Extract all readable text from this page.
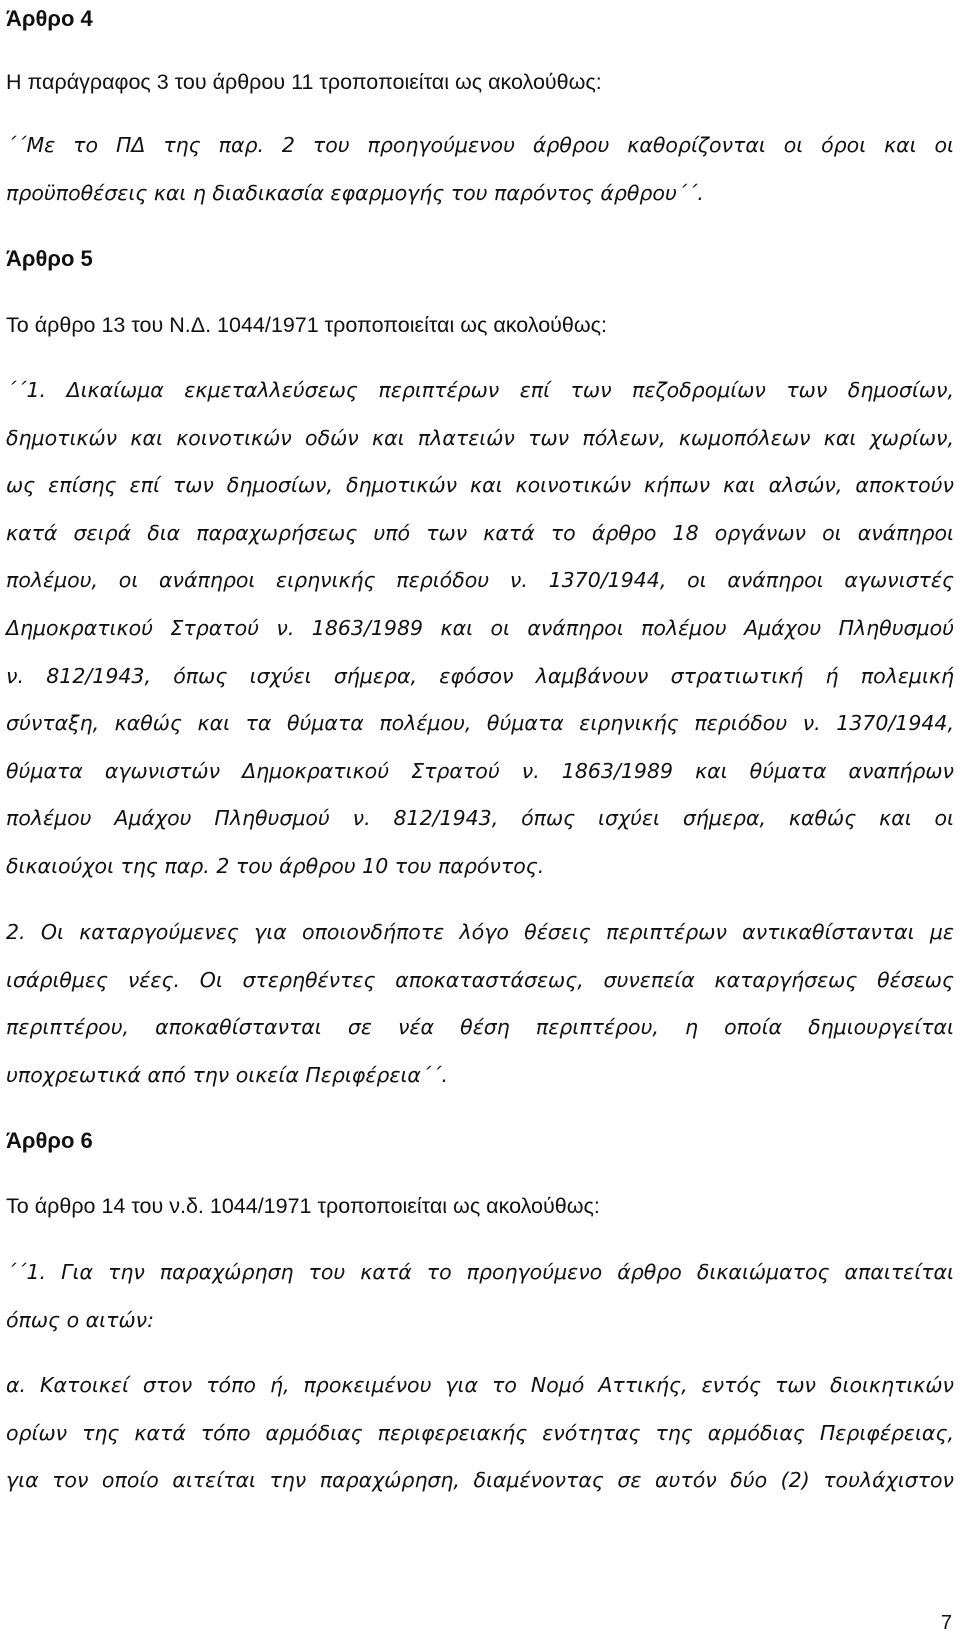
Άρθρο 4
Η παράγραφος 3 του άρθρου 11 τροποποιείται ως ακολούθως:
΄΄Με το ΠΔ της παρ. 2 του προηγούμενου άρθρου καθορίζονται οι όροι και οι
προϋποθέσεις και η διαδικασία εφαρμογής του παρόντος άρθρου΄΄.
Άρθρο 5
Το άρθρο 13 του Ν.Δ. 1044/1971 τροποποιείται ως ακολούθως:
΄΄1. Δικαίωμα εκμεταλλεύσεως περιπτέρων επί των πεζοδρομίων των δημοσίων,
δημοτικών και κοινοτικών οδών και πλατειών των πόλεων, κωμοπόλεων και χωρίων,
ως επίσης επί των δημοσίων, δημοτικών και κοινοτικών κήπων και αλσών, αποκτούν
κατά σειρά δια παραχωρήσεως υπό των κατά το άρθρο 18 οργάνων οι ανάπηροι
πολέμου, οι ανάπηροι ειρηνικής περιόδου ν. 1370/1944, οι ανάπηροι αγωνιστές
Δημοκρατικού Στρατού ν. 1863/1989 και οι ανάπηροι πολέμου Αμάχου Πληθυσμού
ν. 812/1943, όπως ισχύει σήμερα, εφόσον λαμβάνουν στρατιωτική ή πολεμική
σύνταξη, καθώς και τα θύματα πολέμου, θύματα ειρηνικής περιόδου ν. 1370/1944,
θύματα αγωνιστών Δημοκρατικού Στρατού ν. 1863/1989 και θύματα αναπήρων
πολέμου Αμάχου Πληθυσμού ν. 812/1943, όπως ισχύει σήμερα, καθώς και οι
δικαιούχοι της παρ. 2 του άρθρου 10 του παρόντος.
2. Οι καταργούμενες για οποιονδήποτε λόγο θέσεις περιπτέρων αντικαθίστανται με
ισάριθμες νέες. Οι στερηθέντες αποκαταστάσεως, συνεπεία καταργήσεως θέσεως
περιπτέρου, αποκαθίστανται σε νέα θέση περιπτέρου, η οποία δημιουργείται
υποχρεωτικά από την οικεία Περιφέρεια΄΄.
Άρθρο 6
Το άρθρο 14 του ν.δ. 1044/1971 τροποποιείται ως ακολούθως:
΄΄1. Για την παραχώρηση του κατά το προηγούμενο άρθρο δικαιώματος απαιτείται
όπως ο αιτών:
α. Κατοικεί στον τόπο ή, προκειμένου για το Νομό Αττικής, εντός των διοικητικών
ορίων της κατά τόπο αρμόδιας περιφερειακής ενότητας της αρμόδιας Περιφέρειας,
για τον οποίο αιτείται την παραχώρηση, διαμένοντας σε αυτόν δύο (2) τουλάχιστον
7
